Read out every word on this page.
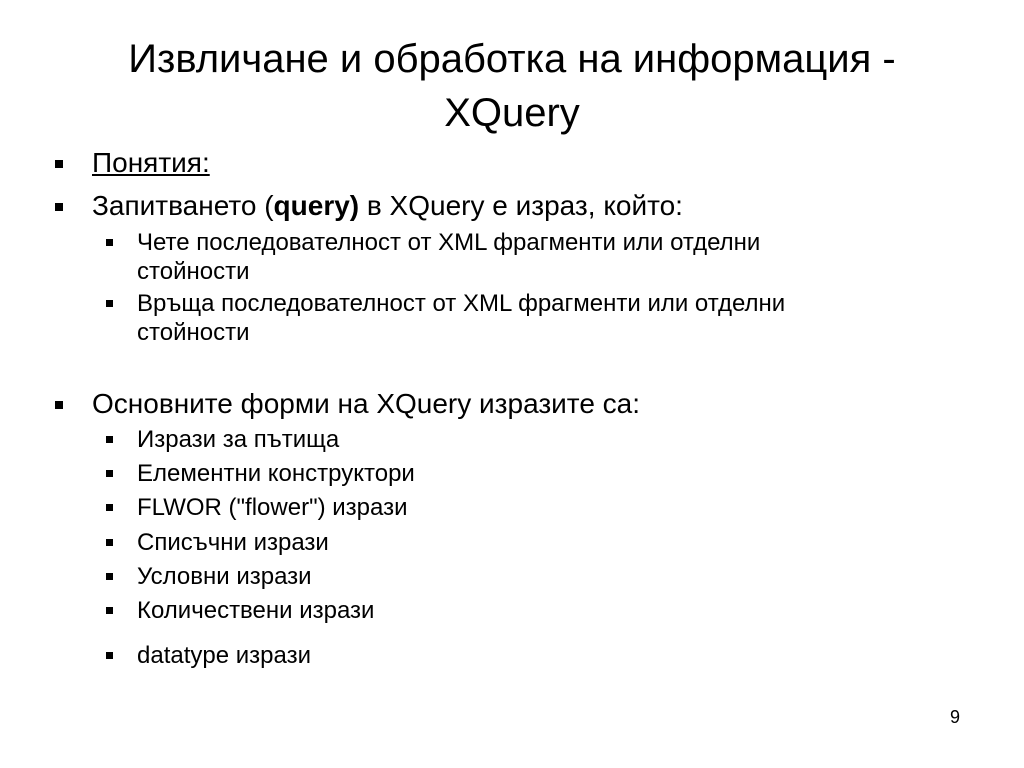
Извличане и обработка на информация -
XQuery
Понятия:
Запитването (query) в XQuery е израз, който:
Чете последователност от XML фрагменти или отделни
стойности
Връща последователност от XML фрагменти или отделни
стойности
Основните форми на XQuery изразите са:
Изрази за пътища
Елементни конструктори
FLWOR ("flower") изрази
Списъчни изрази
Условни изрази
Количествени изрази
datatype изрази
9
